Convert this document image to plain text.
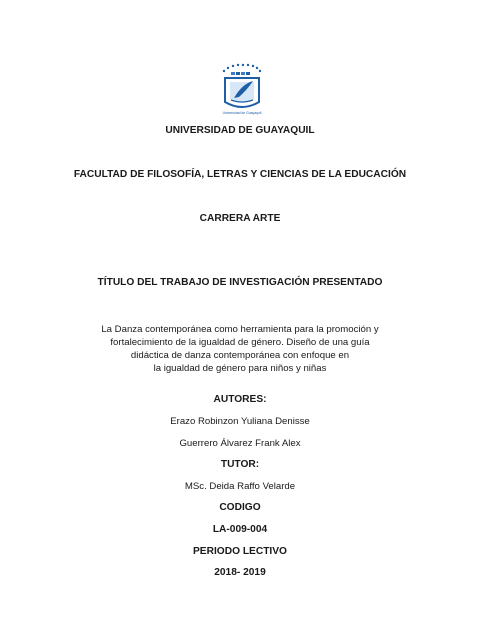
Universidad de Guayaquil
UNIVERSIDAD DE GUAYAQUIL
FACULTAD DE FILOSOFÍA, LETRAS Y CIENCIAS DE LA EDUCACIÓN
CARRERA ARTE
TÍTULO DEL TRABAJO DE INVESTIGACIÓN PRESENTADO
La Danza contemporánea como herramienta para la promoción y
fortalecimiento de la igualdad de género. Diseño de una guía
didáctica de danza contemporánea con enfoque en
la igualdad de género para niños y niñas
AUTORES:
Erazo Robinzon Yuliana Denisse
Guerrero Álvarez Frank Alex
TUTOR:
MSc. Deida Raffo Velarde
CODIGO
LA-009-004
PERIODO LECTIVO
2018- 2019
